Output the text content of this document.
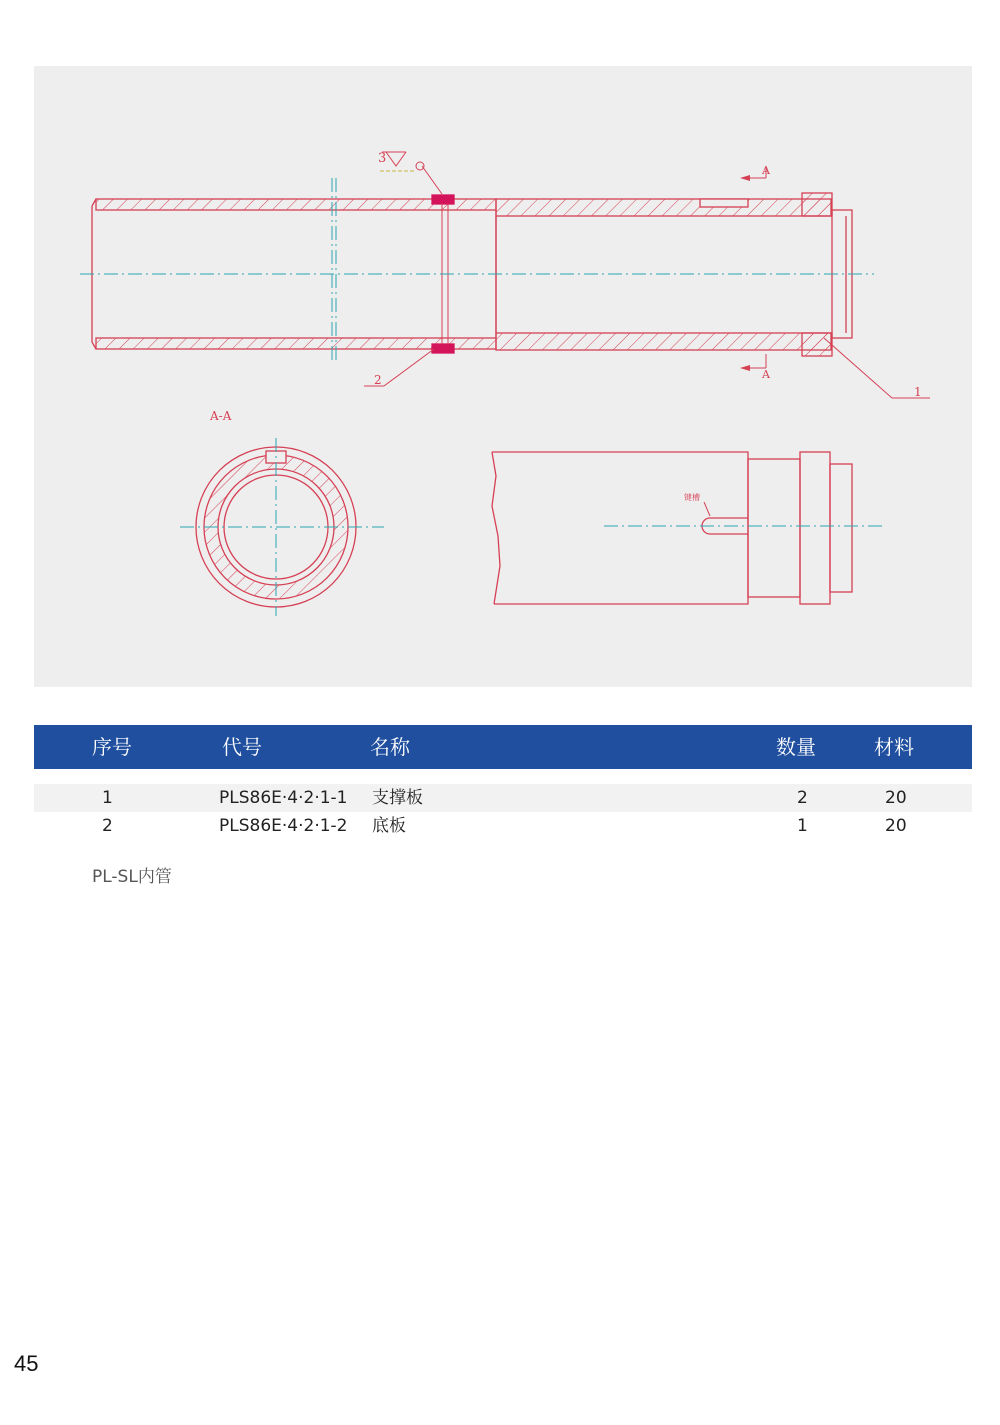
3
A
A
2
1
A-A
键槽
序号	代号	名称	数量	材料
1	PLS86E·4·2·1-1 支撑板	2	20
2	PLS86E·4·2·1-2 底板	1	20
PL-SL内管
45
